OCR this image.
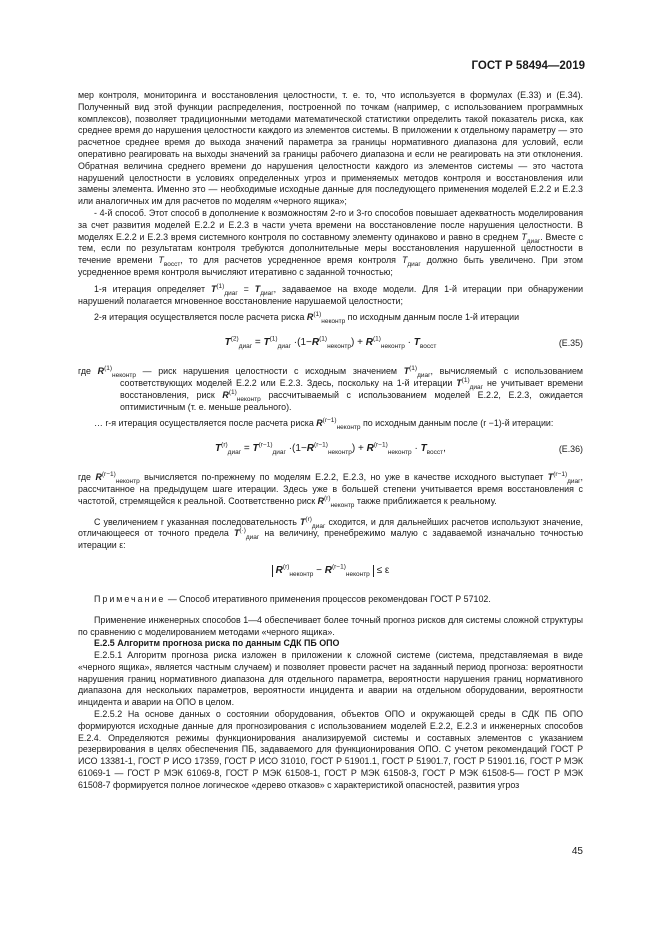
ГОСТ Р 58494—2019

мер контроля, мониторинга и восстановления целостности, т. е. то, что используется в формулах (E.33) и (E.34). Полученный вид этой функции распределения, построенной по точкам (например, с использованием программных комплексов), позволяет традиционными методами математической статистики определить такой показатель риска, как среднее время до нарушения целостности каждого из элементов системы. В приложении к отдельному параметру — это расчетное среднее время до выхода значений параметра за границы нормативного диапазона для условий, если оперативно реагировать на выходы значений за границы рабочего диапазона и если не реагировать на эти отклонения. Обратная величина среднего времени до нарушения целостности каждого из элементов системы — это частота нарушений целостности в условиях определенных угроз и применяемых методов контроля и восстановления или замены элемента. Именно это — необходимые исходные данные для последующего применения моделей E.2.2 и E.2.3 или аналогичных им для расчетов по моделям «черного ящика»;

- 4-й способ. Этот способ в дополнение к возможностям 2-го и 3-го способов повышает адекватность моделирования за счет развития моделей E.2.2 и E.2.3 в части учета времени на восстановление после нарушения целостности. В моделях E.2.2 и E.2.3 время системного контроля по составному элементу одинаково и равно в среднем $T_{диаг}$. Вместе с тем, если по результатам контроля требуются дополнительные меры восстановления нарушенной целостности в течение времени $T_{восст}$, то для расчетов усредненное время контроля $T_{диаг}$ должно быть увеличено. При этом усредненное время контроля вычисляют итеративно с заданной точностью;

1-я итерация определяет $T^{(1)}_{диаг} = T_{диаг}$, задаваемое на входе модели. Для 1-й итерации при обнаружении нарушений полагается мгновенное восстановление нарушаемой целостности;

2-я итерация осуществляется после расчета риска $R^{(1)}_{неконтр}$ по исходным данным после 1-й итерации

$T^{(2)}_{диаг} = T^{(1)}_{диаг} \cdot(1-R^{(1)}_{неконтр}) + R^{(1)}_{неконтр} \cdot T_{восст}$	(E.35)

где $R^{(1)}_{неконтр}$ — риск нарушения целостности с исходным значением $T^{(1)}_{диаг}$, вычисляемый с использованием соответствующих моделей E.2.2 или E.2.3. Здесь, поскольку на 1-й итерации $T^{(1)}_{диаг}$ не учитывает времени восстановления, риск $R^{(1)}_{неконтр}$ рассчитываемый с использованием моделей E.2.2, E.2.3, ожидается оптимистичным (т. е. меньше реального).

… r-я итерация осуществляется после расчета риска $R^{(r-1)}_{неконтр}$ по исходным данным после (r −1)-й итерации:

$T^{(r)}_{диаг} = T^{(r-1)}_{диаг} \cdot(1-R^{(r-1)}_{неконтр}) + R^{(r-1)}_{неконтр} \cdot T_{восст}$,	(E.36)

где $R^{(r-1)}_{неконтр}$ вычисляется по-прежнему по моделям E.2.2, E.2.3, но уже в качестве исходного выступает $T^{(r-1)}_{диаг}$, рассчитанное на предыдущем шаге итерации. Здесь уже в большей степени учитывается время восстановления с частотой, стремящейся к реальной. Соответственно риск $R^{(r)}_{неконтр}$ также приближается к реальному.

С увеличением r указанная последовательность $T^{(r)}_{диаг}$ сходится, и для дальнейших расчетов используют значение, отличающееся от точного предела $T^{(\cdot)}_{диаг}$ на величину, пренебрежимо малую с задаваемой изначально точностью итерации ε:

$R^{(r)}_{неконтр} - R^{(r-1)}_{неконтр} \le \varepsilon$

Примечание — Способ итеративного применения процессов рекомендован ГОСТ Р 57102.

Применение инженерных способов 1—4 обеспечивает более точный прогноз рисков для системы сложной структуры по сравнению с моделированием методами «черного ящика».

E.2.5 Алгоритм прогноза риска по данным СДК ПБ ОПО

E.2.5.1 Алгоритм прогноза риска изложен в приложении к сложной системе (система, представляемая в виде «черного ящика», является частным случаем) и позволяет провести расчет на заданный период прогноза: вероятности нарушения границ нормативного диапазона для отдельного параметра, вероятности нарушения границ нормативного диапазона для нескольких параметров, вероятности инцидента и аварии на отдельном оборудовании, вероятности инцидента и аварии на ОПО в целом.

E.2.5.2 На основе данных о состоянии оборудования, объектов ОПО и окружающей среды в СДК ПБ ОПО формируются исходные данные для прогнозирования с использованием моделей E.2.2, E.2.3 и инженерных способов E.2.4. Определяются режимы функционирования анализируемой системы и составных элементов с указанием резервирования в целях обеспечения ПБ, задаваемого для функционирования ОПО. С учетом рекомендаций ГОСТ Р ИСО 13381-1, ГОСТ Р ИСО 17359, ГОСТ Р ИСО 31010, ГОСТ Р 51901.1, ГОСТ Р 51901.7, ГОСТ Р 51901.16, ГОСТ Р МЭК 61069-1 — ГОСТ Р МЭК 61069-8, ГОСТ Р МЭК 61508-1, ГОСТ Р МЭК 61508-3, ГОСТ Р МЭК 61508-5— ГОСТ Р МЭК 61508-7 формируется полное логическое «дерево отказов» с характеристикой опасностей, развития угроз

45
